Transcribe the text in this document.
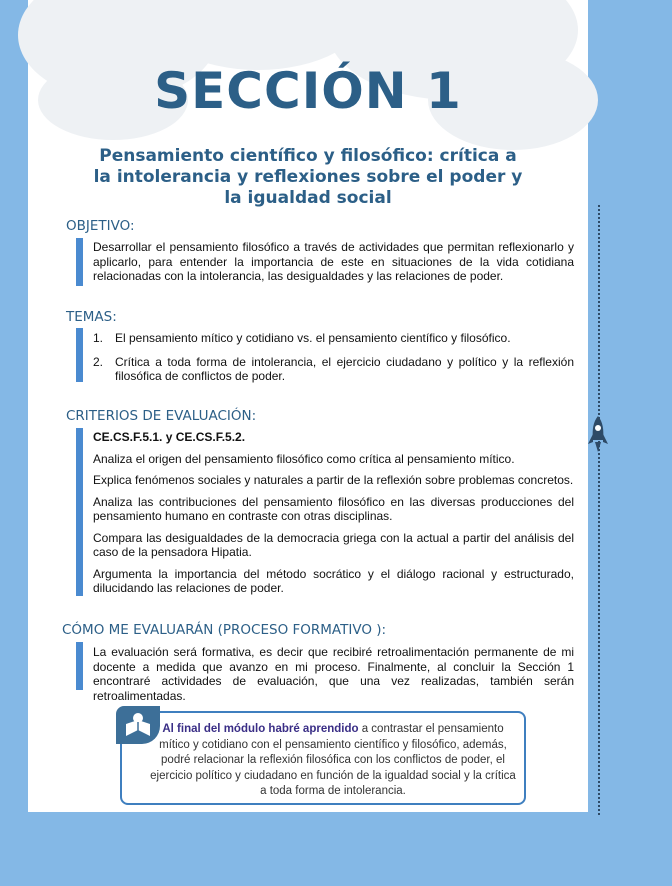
SECCIÓN 1

Pensamiento científico y filosófico: crítica a la intolerancia y reflexiones sobre el poder y la igualdad social

OBJETIVO:

Desarrollar el pensamiento filosófico a través de actividades que permitan reflexionarlo y aplicarlo, para entender la importancia de este en situaciones de la vida cotidiana relacionadas con la intolerancia, las desigualdades y las relaciones de poder.

TEMAS:
1. El pensamiento mítico y cotidiano vs. el pensamiento científico y filosófico.
2. Crítica a toda forma de intolerancia, el ejercicio ciudadano y político y la reflexión filosófica de conflictos de poder.
CRITERIOS DE EVALUACIÓN:

CE.CS.F.5.1. y CE.CS.F.5.2.

Analiza el origen del pensamiento filosófico como crítica al pensamiento mítico.

Explica fenómenos sociales y naturales a partir de la reflexión sobre problemas concretos.

Analiza las contribuciones del pensamiento filosófico en las diversas producciones del pensamiento humano en contraste con otras disciplinas.

Compara las desigualdades de la democracia griega con la actual a partir del análisis del caso de la pensadora Hipatia.

Argumenta la importancia del método socrático y el diálogo racional y estructurado, dilucidando las relaciones de poder.

CÓMO ME EVALUARÁN (PROCESO FORMATIVO ):

La evaluación será formativa, es decir que recibiré retroalimentación permanente de mi docente a medida que avanzo en mi proceso. Finalmente, al concluir la Sección 1 encontraré actividades de evaluación, que una vez realizadas, también serán retroalimentadas.

Al final del módulo habré aprendido a contrastar el pensamiento mítico y cotidiano con el pensamiento científico y filosófico, además, podré relacionar la reflexión filosófica con los conflictos de poder, el ejercicio político y ciudadano en función de la igualdad social y la crítica a toda forma de intolerancia.
